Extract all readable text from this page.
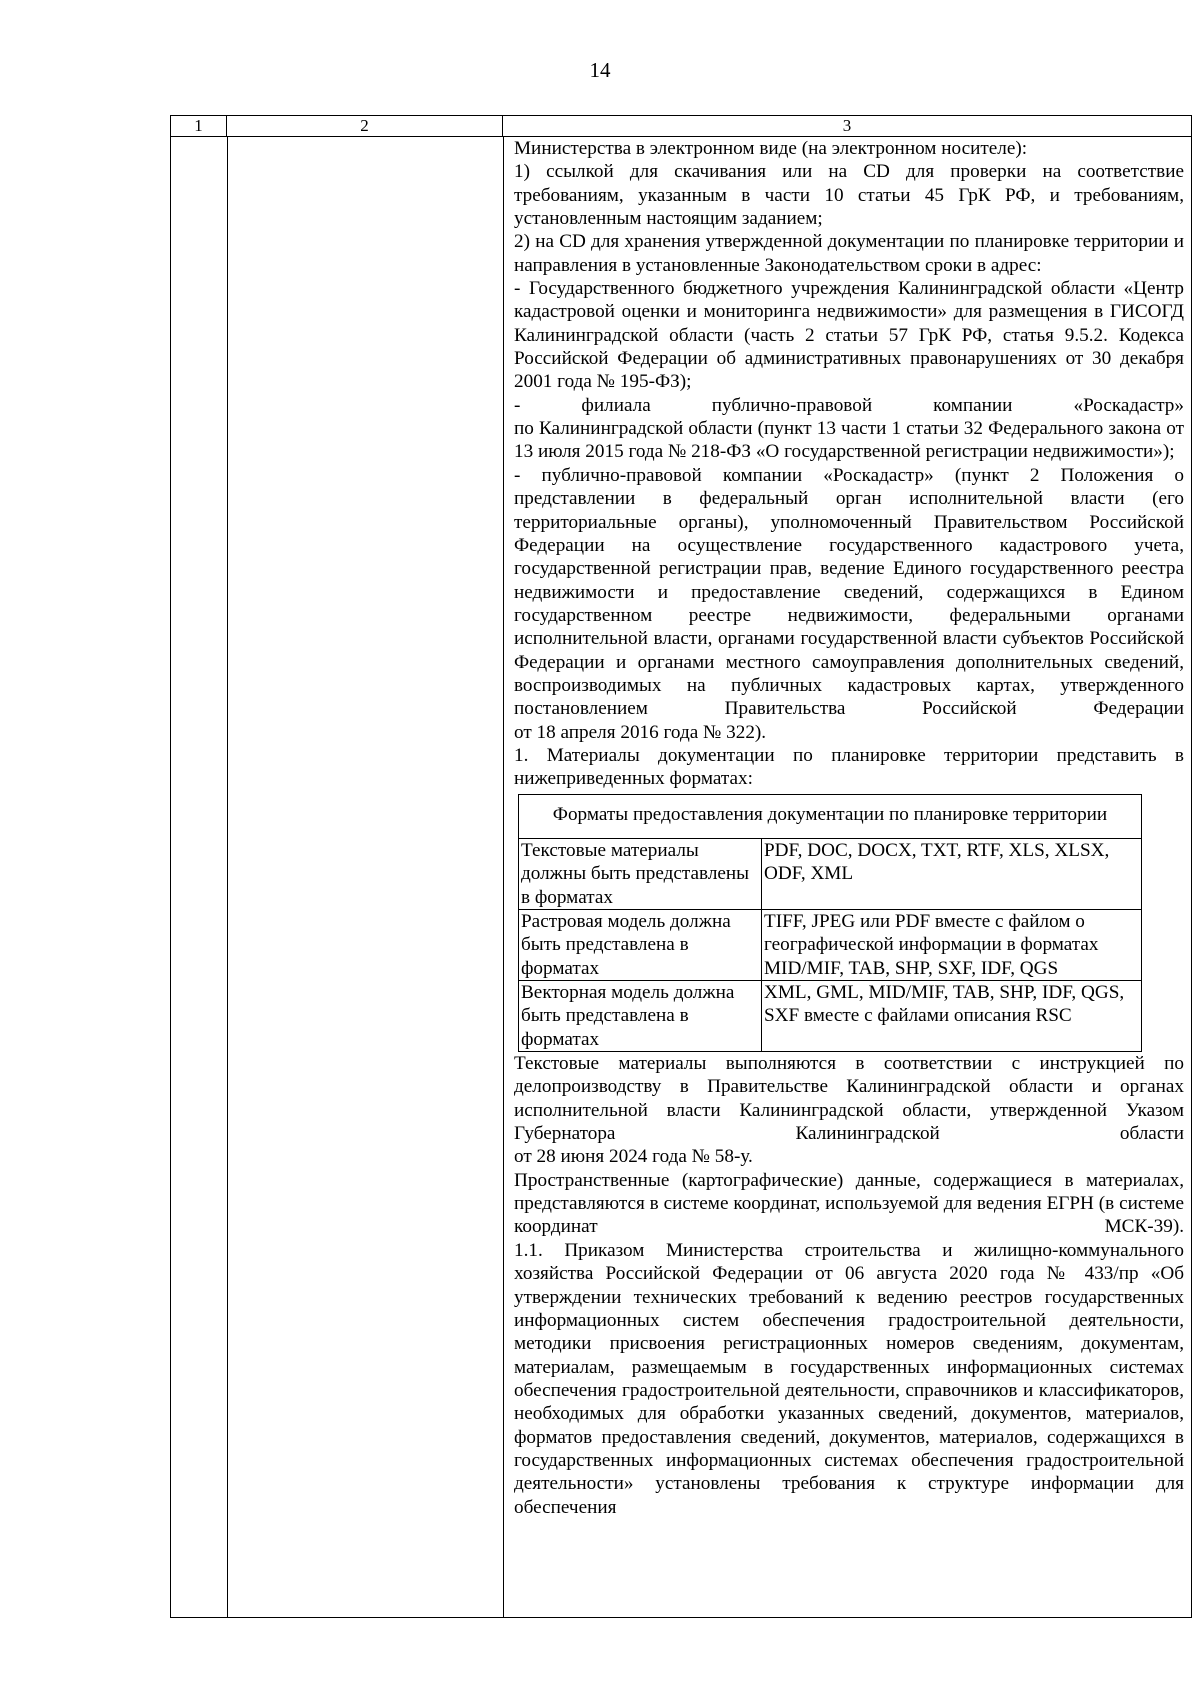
14
1	2	3

Министерства в электронном виде (на электронном носителе):

1) ссылкой для скачивания или на CD для проверки на соответствие требованиям, указанным в части 10 статьи 45 ГрК РФ, и требованиям, установленным настоящим заданием;

2) на CD для хранения утвержденной документации по планировке территории и направления в установленные Законодательством сроки в адрес:

- Государственного бюджетного учреждения Калининградской области «Центр кадастровой оценки и мониторинга недвижимости» для размещения в ГИСОГД Калининградской области (часть 2 статьи 57 ГрК РФ, статья 9.5.2. Кодекса Российской Федерации об административных правонарушениях от 30 декабря 2001 года № 195-ФЗ);

- филиала публично-правовой компании «Роскадастр»

по Калининградской области (пункт 13 части 1 статьи 32 Федерального закона от 13 июля 2015 года № 218-ФЗ «О государственной регистрации недвижимости»);

- публично-правовой компании «Роскадастр» (пункт 2 Положения о представлении в федеральный орган исполнительной власти (его территориальные органы), уполномоченный Правительством Российской Федерации на осуществление государственного кадастрового учета, государственной регистрации прав, ведение Единого государственного реестра недвижимости и предоставление сведений, содержащихся в Едином государственном реестре недвижимости, федеральными органами исполнительной власти, органами государственной власти субъектов Российской Федерации и органами местного самоуправления дополнительных сведений, воспроизводимых на публичных кадастровых картах, утвержденного постановлением Правительства Российской Федерации

от 18 апреля 2016 года № 322).

1. Материалы документации по планировке территории представить в нижеприведенных форматах:

Форматы предоставления документации по планировке территории	
Текстовые материалы должны быть представлены в форматах	PDF, DOC, DOCX, TXT, RTF, XLS, XLSX, ODF, XML
Растровая модель должна быть представлена в форматах	TIFF, JPEG или PDF вместе с файлом о географической информации в форматах MID/MIF, TAB, SHP, SXF, IDF, QGS
Векторная модель должна быть представлена в форматах	XML, GML, MID/MIF, TAB, SHP, IDF, QGS, SXF вместе с файлами описания RSC

Текстовые материалы выполняются в соответствии с инструкцией по делопроизводству в Правительстве Калининградской области и органах исполнительной власти Калининградской области, утвержденной Указом Губернатора Калининградской области

от 28 июня 2024 года № 58-у.

Пространственные (картографические) данные, содержащиеся в материалах, представляются в системе координат, используемой для ведения ЕГРН (в системе координат МСК-39).

1.1. Приказом Министерства строительства и жилищно-коммунального хозяйства Российской Федерации от 06 августа 2020 года № 433/пр «Об утверждении технических требований к ведению реестров государственных информационных систем обеспечения градостроительной деятельности, методики присвоения регистрационных номеров сведениям, документам, материалам, размещаемым в государственных информационных системах обеспечения градостроительной деятельности, справочников и классификаторов, необходимых для обработки указанных сведений, документов, материалов, форматов предоставления сведений, документов, материалов, содержащихся в государственных информационных системах обеспечения градостроительной деятельности» установлены требования к структуре информации для обеспечения
